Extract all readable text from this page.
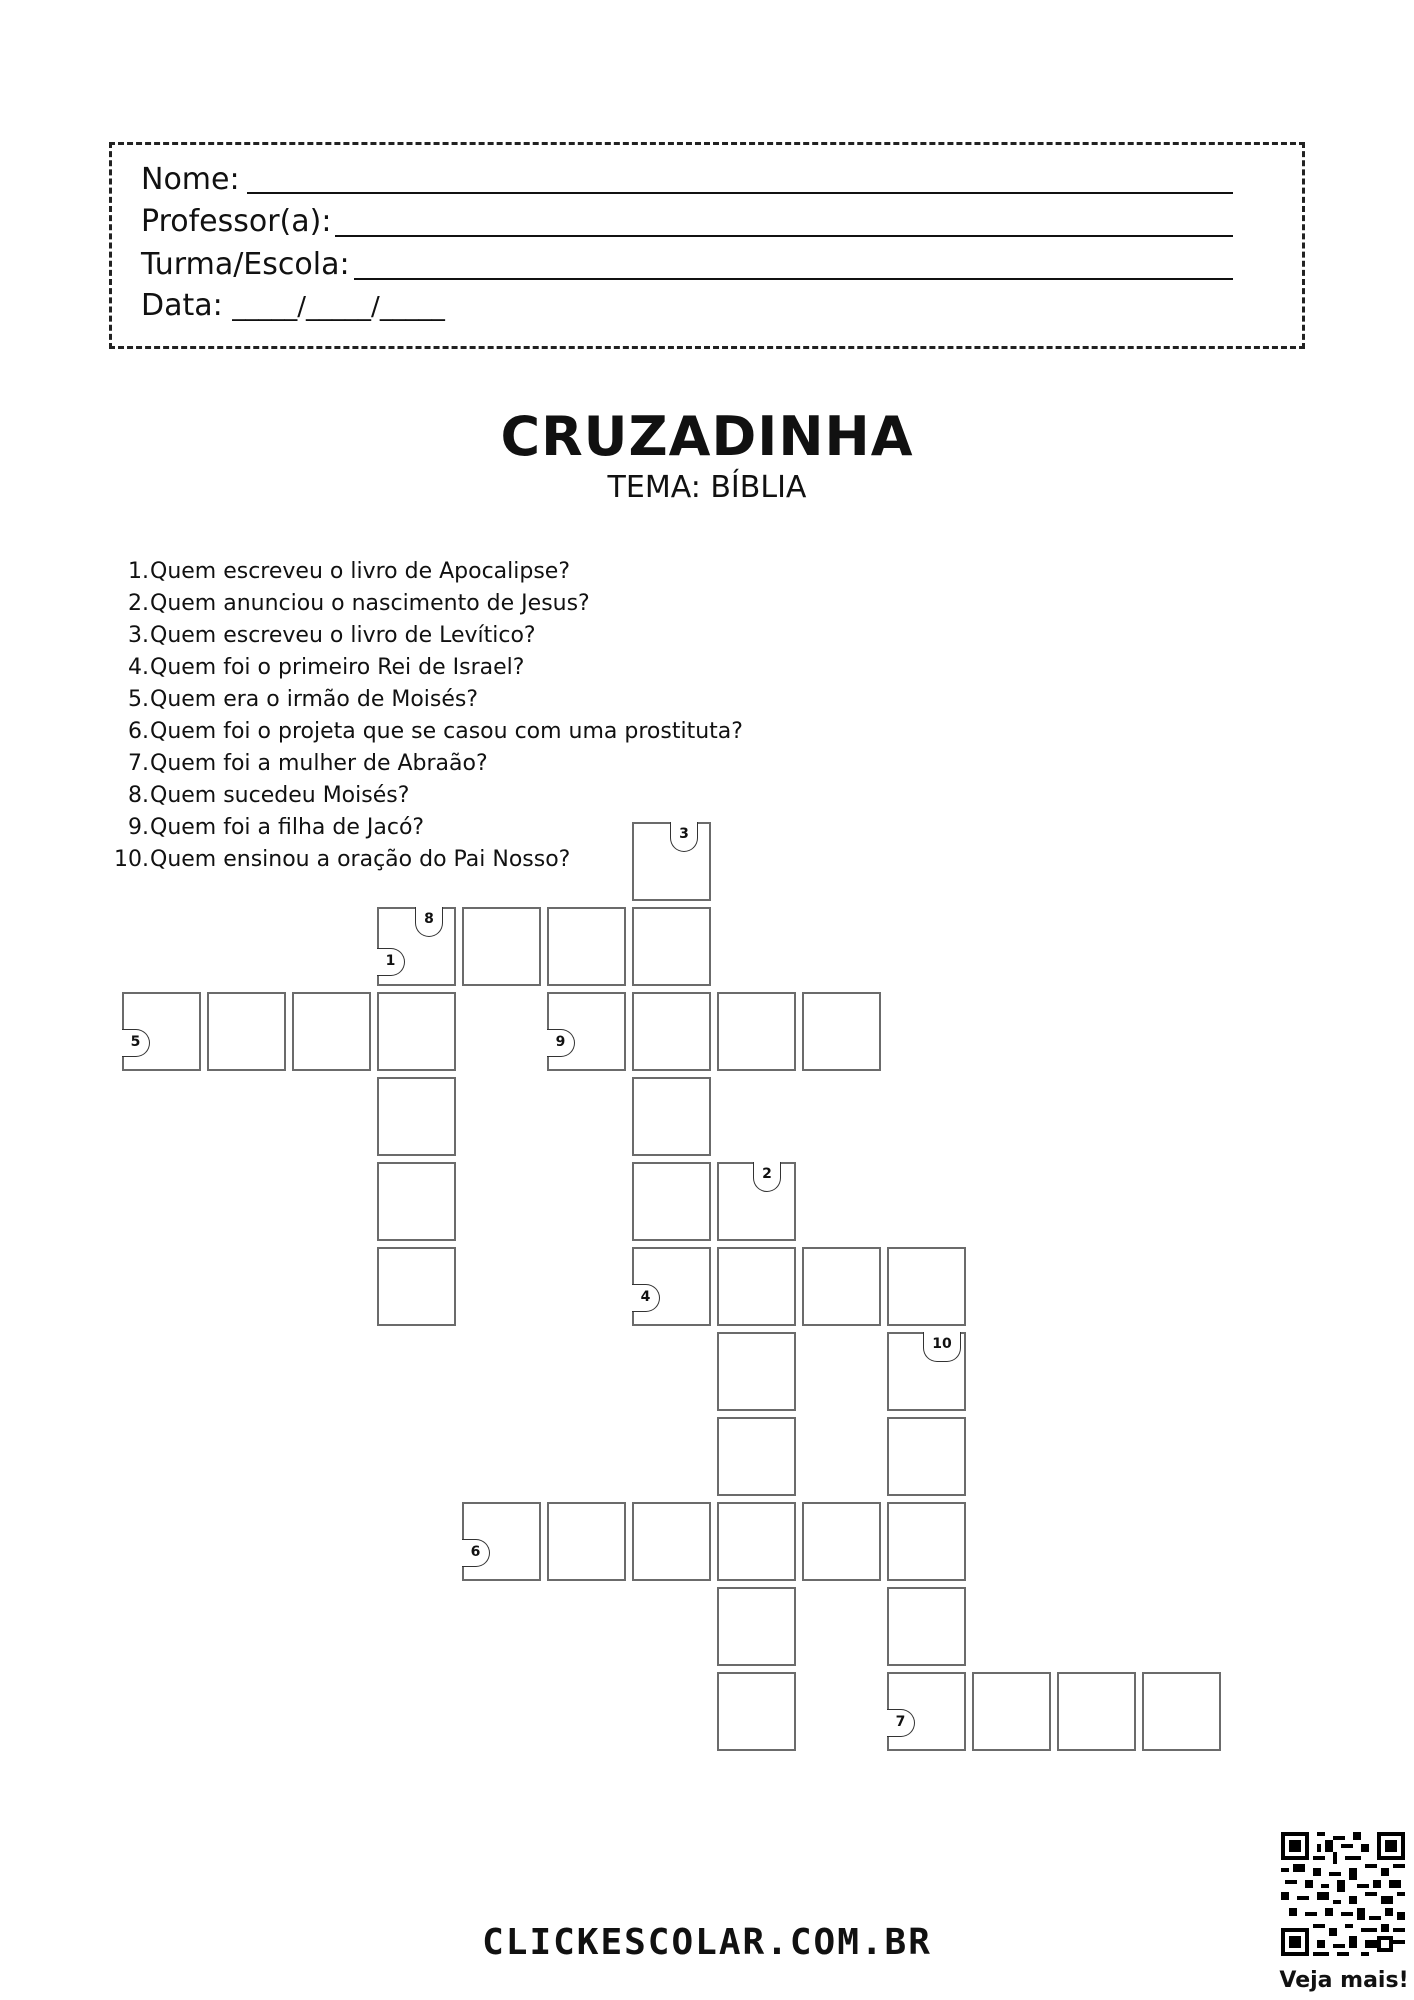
Nome:
Professor(a):
Turma/Escola:
Data: _____/_____/_____
CRUZADINHA
TEMA: BÍBLIA
1.Quem escreveu o livro de Apocalipse?
2.Quem anunciou o nascimento de Jesus?
3.Quem escreveu o livro de Levítico?
4.Quem foi o primeiro Rei de Israel?
5.Quem era o irmão de Moisés?
6.Quem foi o projeta que se casou com uma prostituta?
7.Quem foi a mulher de Abraão?
8.Quem sucedeu Moisés?
9.Quem foi a filha de Jacó?
10.Quem ensinou a oração do Pai Nosso?
3
8
1
5	9
2
4
10
6
7
CLICKESCOLAR.COM.BR
Veja mais!
